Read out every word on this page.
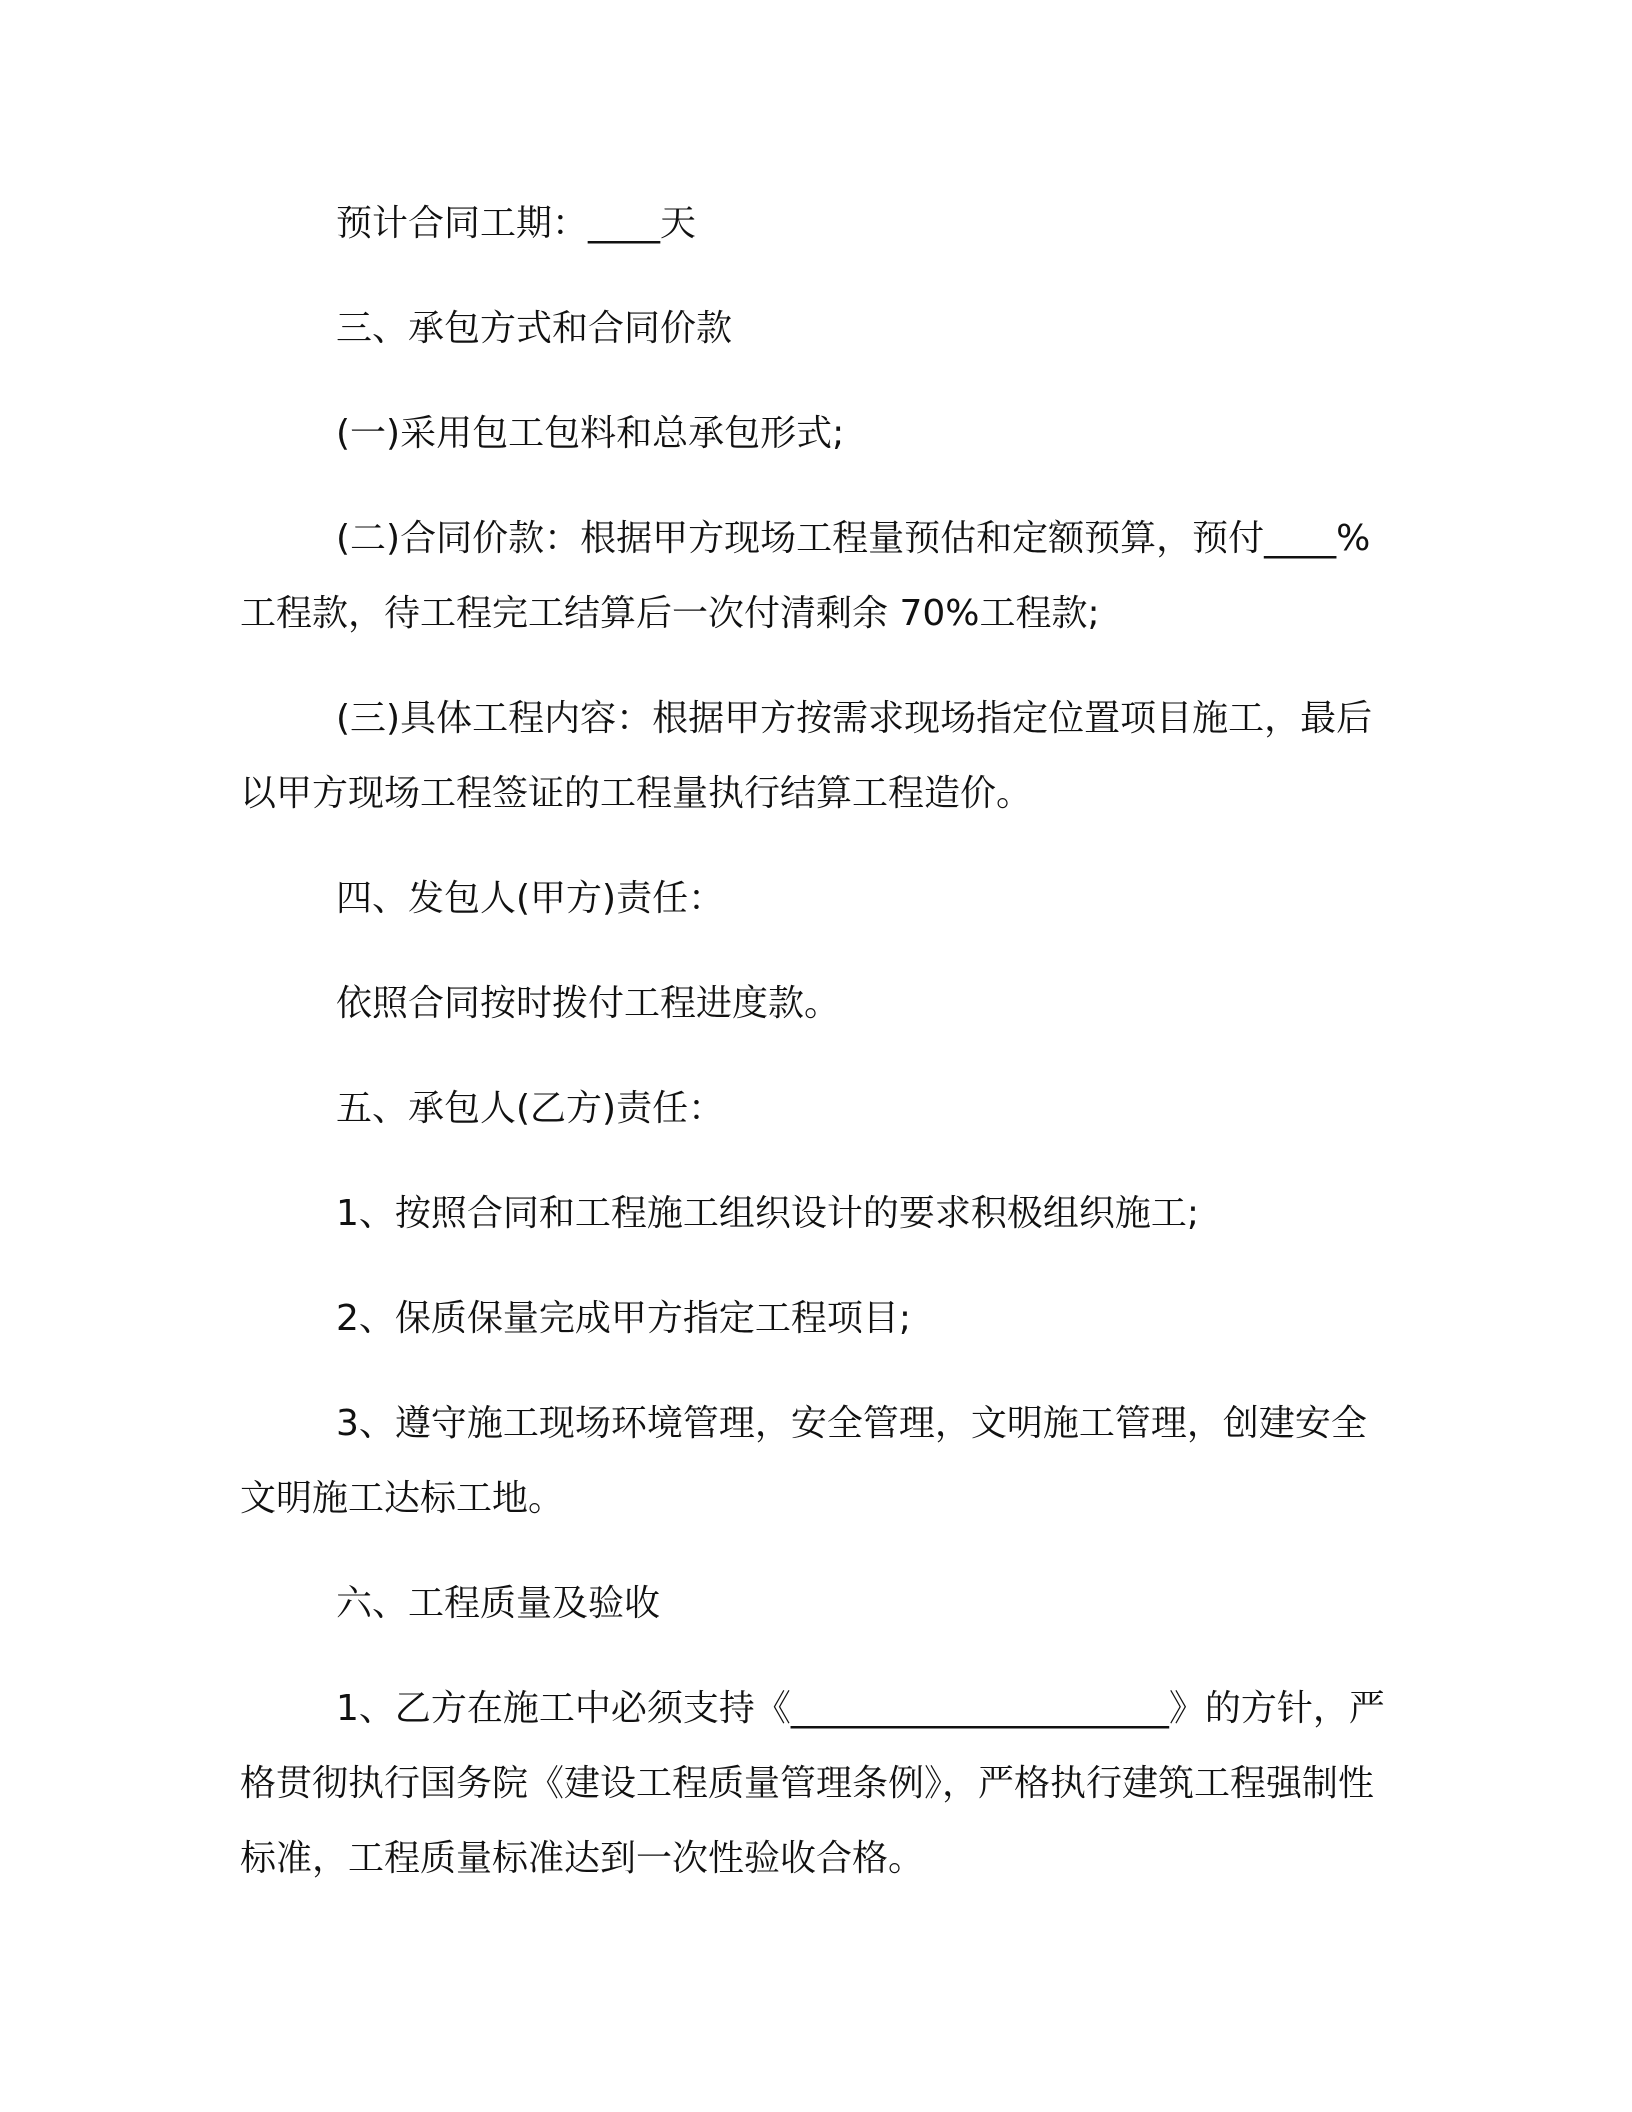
预计合同工期：____天

三、承包方式和合同价款

(一)采用包工包料和总承包形式;

(二)合同价款：根据甲方现场工程量预估和定额预算，预付____%工程款，待工程完工结算后一次付清剩余 70%工程款;

(三)具体工程内容：根据甲方按需求现场指定位置项目施工，最后以甲方现场工程签证的工程量执行结算工程造价。

四、发包人(甲方)责任：

依照合同按时拨付工程进度款。

五、承包人(乙方)责任：

1、按照合同和工程施工组织设计的要求积极组织施工;

2、保质保量完成甲方指定工程项目;

3、遵守施工现场环境管理，安全管理，文明施工管理，创建安全文明施工达标工地。

六、工程质量及验收

1、乙方在施工中必须支持《_____________________》的方针，严格贯彻执行国务院《建设工程质量管理条例》，严格执行建筑工程强制性标准，工程质量标准达到一次性验收合格。
